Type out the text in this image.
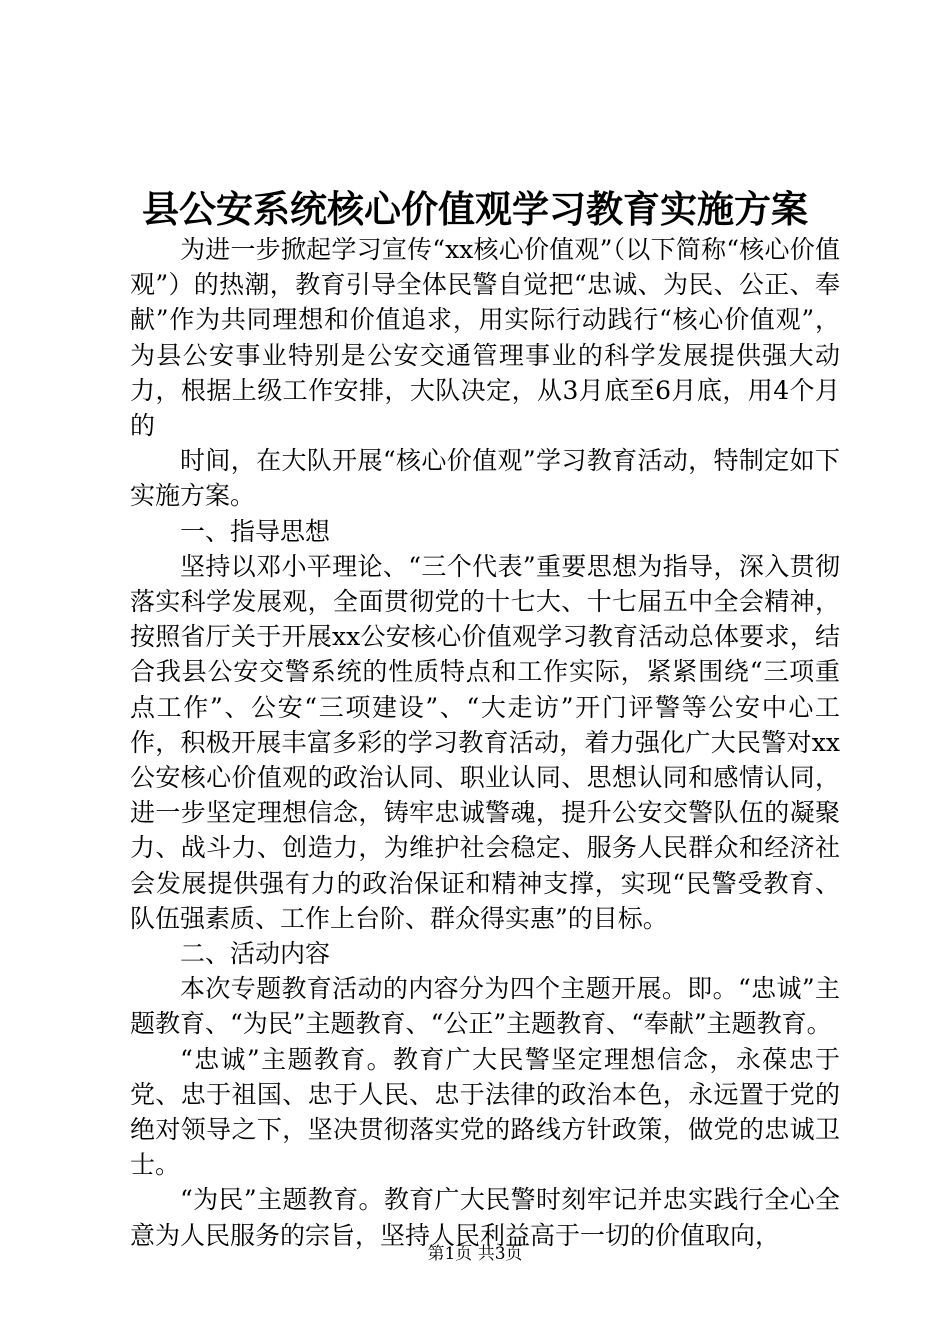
县公安系统核心价值观学习教育实施方案

为进一步掀起学习宣传“xx核心价值观”（以下简称“核心价值观”）的热潮，教育引导全体民警自觉把“忠诚、为民、公正、奉献”作为共同理想和价值追求，用实际行动践行“核心价值观”，为县公安事业特别是公安交通管理事业的科学发展提供强大动力，根据上级工作安排，大队决定，从3月底至6月底，用4个月的

时间，在大队开展“核心价值观”学习教育活动，特制定如下实施方案。

一、指导思想

坚持以邓小平理论、“三个代表”重要思想为指导，深入贯彻落实科学发展观，全面贯彻党的十七大、十七届五中全会精神，按照省厅关于开展xx公安核心价值观学习教育活动总体要求，结合我县公安交警系统的性质特点和工作实际，紧紧围绕“三项重点工作”、公安“三项建设”、“大走访”开门评警等公安中心工作，积极开展丰富多彩的学习教育活动，着力强化广大民警对xx公安核心价值观的政治认同、职业认同、思想认同和感情认同，进一步坚定理想信念，铸牢忠诚警魂，提升公安交警队伍的凝聚力、战斗力、创造力，为维护社会稳定、服务人民群众和经济社会发展提供强有力的政治保证和精神支撑，实现“民警受教育、队伍强素质、工作上台阶、群众得实惠”的目标。

二、活动内容

本次专题教育活动的内容分为四个主题开展。即。“忠诚”主题教育、“为民”主题教育、“公正”主题教育、“奉献”主题教育。

“忠诚”主题教育。教育广大民警坚定理想信念，永葆忠于党、忠于祖国、忠于人民、忠于法律的政治本色，永远置于党的绝对领导之下，坚决贯彻落实党的路线方针政策，做党的忠诚卫士。

“为民”主题教育。教育广大民警时刻牢记并忠实践行全心全意为人民服务的宗旨，坚持人民利益高于一切的价值取向，

第1页 共3页
